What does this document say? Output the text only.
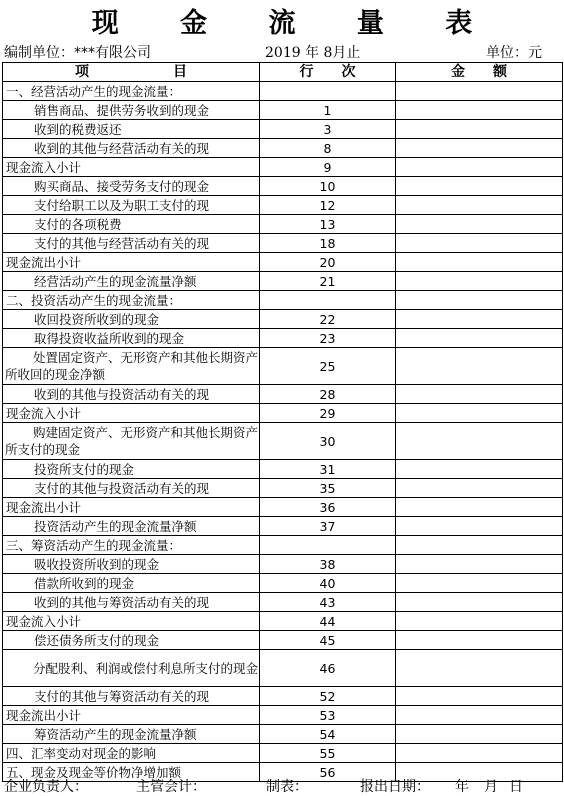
现 金 流 量 表
编制单位：***有限公司	2019 年 8月止	单位：元
项　　　　　　目	行　　次	金　　额
一、经营活动产生的现金流量：		
销售商品、提供劳务收到的现金	1	
收到的税费返还	3	
收到的其他与经营活动有关的现	8	
现金流入小计	9	
购买商品、接受劳务支付的现金	10	
支付给职工以及为职工支付的现	12	
支付的各项税费	13	
支付的其他与经营活动有关的现	18	
现金流出小计	20	
经营活动产生的现金流量净额	21	
二、投资活动产生的现金流量：		
收回投资所收到的现金	22	
取得投资收益所收到的现金	23	
处置固定资产、无形资产和其他长期资产所收回的现金净额	25	
收到的其他与投资活动有关的现	28	
现金流入小计	29	
购建固定资产、无形资产和其他长期资产所支付的现金	30	
投资所支付的现金	31	
支付的其他与投资活动有关的现	35	
现金流出小计	36	
投资活动产生的现金流量净额	37	
三、筹资活动产生的现金流量：		
吸收投资所收到的现金	38	
借款所收到的现金	40	
收到的其他与筹资活动有关的现	43	
现金流入小计	44	
偿还债务所支付的现金	45	
分配股利、利润或偿付利息所支付的现金	46	
支付的其他与筹资活动有关的现	52	
现金流出小计	53	
筹资活动产生的现金流量净额	54	
四、汇率变动对现金的影响	55	
五、现金及现金等价物净增加额	56	
企业负责人：	主管会计：	制表：	报出日期： 年 月 日
